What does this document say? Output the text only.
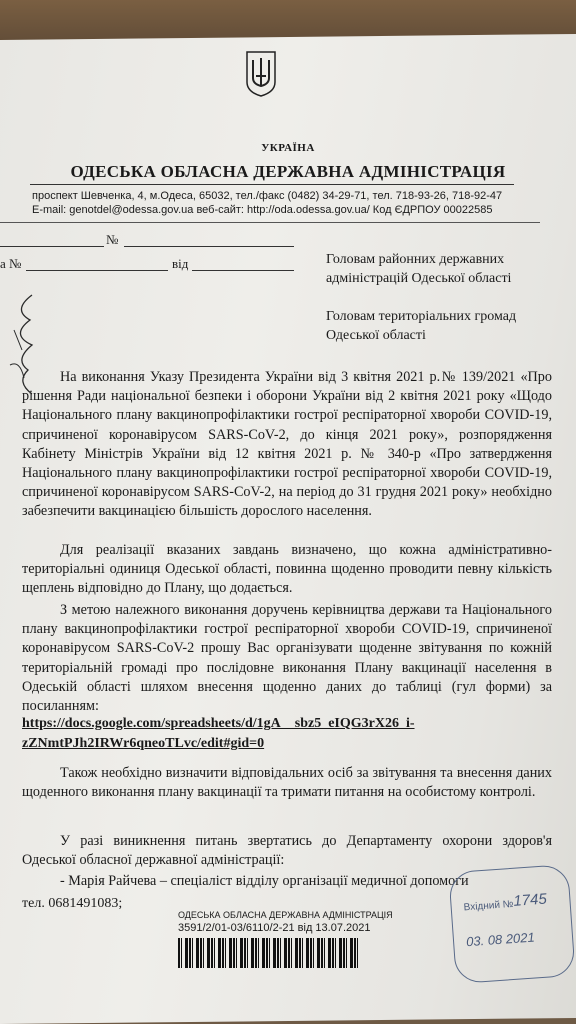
УКРАЇНА
ОДЕСЬКА ОБЛАСНА ДЕРЖАВНА АДМІНІСТРАЦІЯ
проспект Шевченка, 4, м.Одеса, 65032, тел./факс (0482) 34-29-71, тел. 718-93-26, 718-92-47
E-mail: genotdel@odessa.gov.ua веб-сайт: http://oda.odessa.gov.ua/ Код ЄДРПОУ 00022585
№
а №	від	Головам районних державних
адміністрацій Одеської області
Головам територіальних громад
Одеської області
На виконання Указу Президента України від 3 квітня 2021 р.№ 139/2021 «Про рішення Ради національної безпеки і оборони України від 2 квітня 2021 року «Щодо Національного плану вакцинопрофілактики гострої респіраторної хвороби COVID-19, спричиненої коронавірусом SARS-CoV-2, до кінця 2021 року», розпорядження Кабінету Міністрів України від 12 квітня 2021 р. № 340-р «Про затвердження Національного плану вакцинопрофілактики гострої респіраторної хвороби COVID-19, спричиненої коронавірусом SARS-CoV-2, на період до 31 грудня 2021 року» необхідно забезпечити вакцинацією більшість дорослого населення.
Для реалізації вказаних завдань визначено, що кожна адміністративно-територіальні одиниця Одеської області, повинна щоденно проводити певну кількість щеплень відповідно до Плану, що додається.
З метою належного виконання доручень керівництва держави та Національного плану вакцинопрофілактики гострої респіраторної хвороби COVID-19, спричиненої коронавірусом SARS-CoV-2 прошу Вас організувати щоденне звітування по кожній територіальній громаді про послідовне виконання Плану вакцинації населення в Одеській області шляхом внесення щоденно даних до таблиці (гул форми) за посиланням:
https://docs.google.com/spreadsheets/d/1gA__sbz5_eIQG3rX26_i-
zZNmtPJh2IRWr6qneoTLvc/edit#gid=0
Також необхідно визначити відповідальних осіб за звітування та внесення даних щоденного виконання плану вакцинації та тримати питання на особистому контролі.
У разі виникнення питань звертатись до Департаменту охорони здоров'я Одеської обласної державної адміністрації:
- Марія Райчева – спеціаліст відділу організації медичної допомоги
тел. 0681491083;
ОДЕСЬКА ОБЛАСНА ДЕРЖАВНА АДМІНІСТРАЦІЯ
3591/2/01-03/6110/2-21 від 13.07.2021
Вхідний №
1745
03. 08 2021
